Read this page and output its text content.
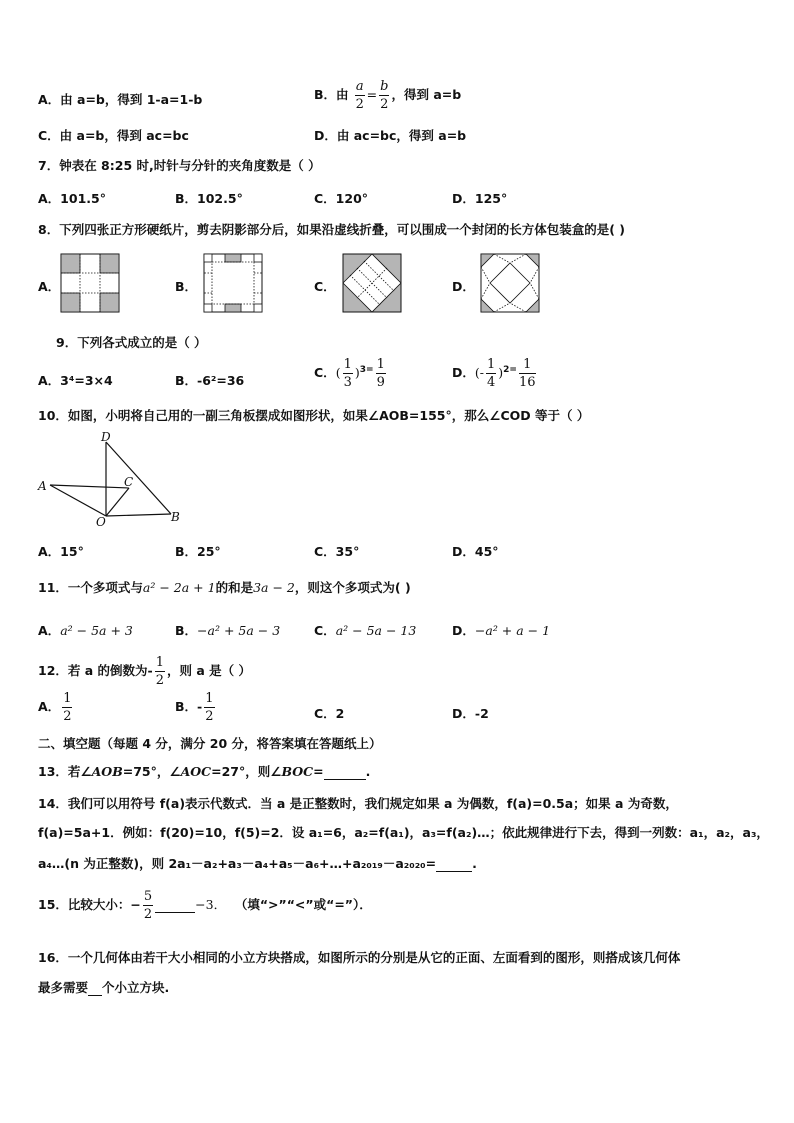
A．由 a=b，得到 1-a=1-b	B．由 $\frac{a}{2} = \frac{b}{2}$ ，得到 a=b
C．由 a=b，得到 ac=bc	D．由 ac=bc，得到 a=b
7．钟表在 8:25 时,时针与分针的夹角度数是（ ）
A．101.5°	B．102.5°	C．120°	D．125°
8．下列四张正方形硬纸片，剪去阴影部分后，如果沿虚线折叠，可以围成一个封闭的长方体包装盒的是( )
A．	B．	C．	D．
9．下列各式成立的是（ ）
A．3⁴=3×4	B．-6²=36
C．( $\frac{1}{3} )^{3=} \frac{1}{9}$	D．(- $\frac{1}{4} )^{2=} \frac{1}{16}$
10．如图，小明将自己用的一副三角板摆成如图形状，如果∠AOB=155°，那么∠COD 等于（ ）
D
A	C
O	B
A．15°	B．25°	C．35°	D．45°
11．一个多项式与a² − 2a + 1的和是3a − 2，则这个多项式为( )
A．a² − 5a + 3	B．−a² + 5a − 3	C．a² − 5a − 13	D．−a² + a − 1
12．若 a 的倒数为- $\frac{1}{2}$ ，则 a 是（ ）
A． $\frac{1}{2}$	B．- $\frac{1}{2}$	C．2	D．-2
二、填空题（每题 4 分，满分 20 分，将答案填在答题纸上）
13．若∠AOB=75°，∠AOC=27°，则∠BOC=	.
14．我们可以用符号 f(a)表示代数式．当 a 是正整数时，我们规定如果 a 为偶数，f(a)=0.5a；如果 a 为奇数，
f(a)=5a+1．例如：f(20)=10，f(5)=2．设 a₁=6，a₂=f(a₁)，a₃=f(a₂)…；依此规律进行下去，得到一列数：a₁，a₂，a₃，
a₄…(n 为正整数)，则 2a₁－a₂+a₃－a₄+a₅－a₆+…+a₂₀₁₉－a₂₀₂₀=	.
15．比较大小：− $\frac{5}{2}$	−3． （填“>”“<”或“=”）．
16．一个几何体由若干大小相同的小立方块搭成，如图所示的分别是从它的正面、左面看到的图形，则搭成该几何体
最多需要 个小立方块.
